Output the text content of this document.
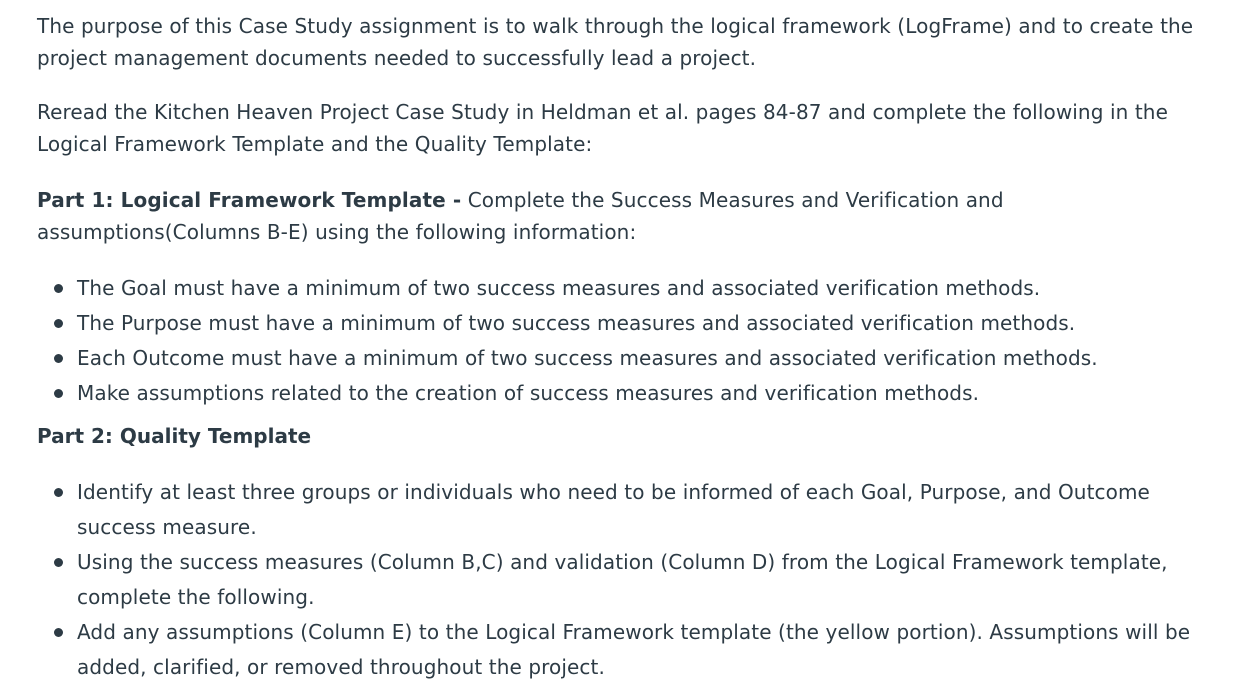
The purpose of this Case Study assignment is to walk through the logical framework (LogFrame) and to create the project management documents needed to successfully lead a project.

Reread the Kitchen Heaven Project Case Study in Heldman et al. pages 84-87 and complete the following in the Logical Framework Template and the Quality Template:

Part 1: Logical Framework Template - Complete the Success Measures and Verification and assumptions(Columns B-E) using the following information:

The Goal must have a minimum of two success measures and associated verification methods.
The Purpose must have a minimum of two success measures and associated verification methods.
Each Outcome must have a minimum of two success measures and associated verification methods.
Make assumptions related to the creation of success measures and verification methods.
Part 2: Quality Template
Identify at least three groups or individuals who need to be informed of each Goal, Purpose, and Outcome success measure.
Using the success measures (Column B,C) and validation (Column D) from the Logical Framework template, complete the following.
Add any assumptions (Column E) to the Logical Framework template (the yellow portion). Assumptions will be added, clarified, or removed throughout the project.
